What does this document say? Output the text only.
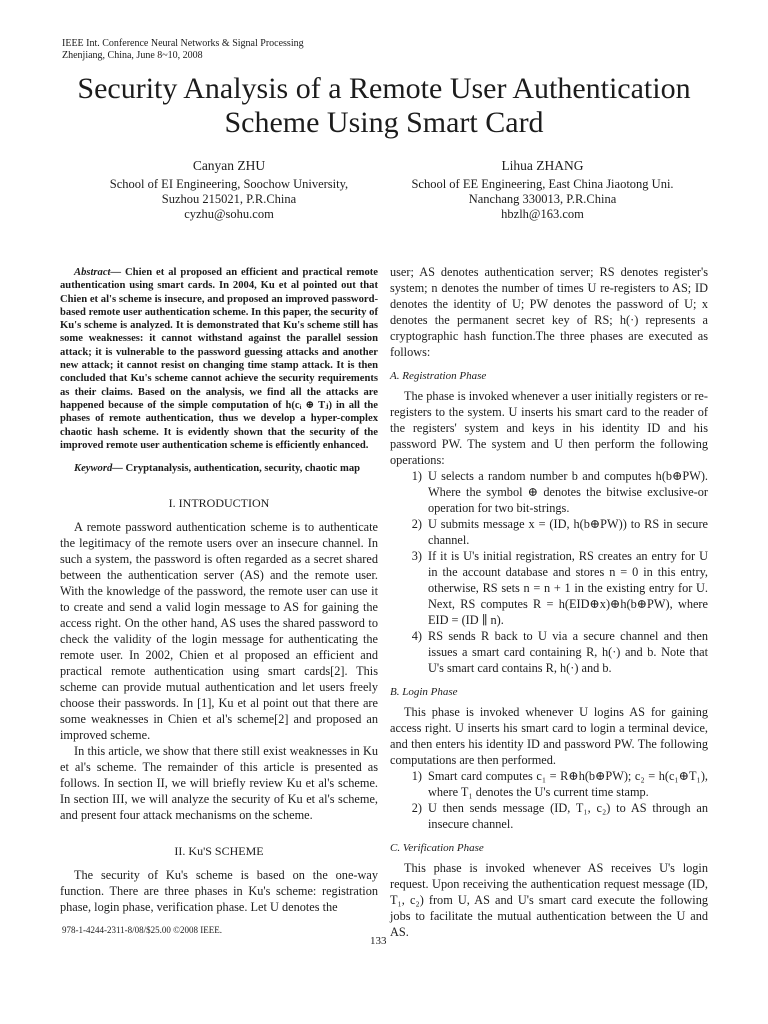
IEEE Int. Conference Neural Networks & Signal Processing
Zhenjiang, China, June 8~10, 2008
Security Analysis of a Remote User Authentication
Scheme Using Smart Card
Canyan ZHU
School of EI Engineering, Soochow University,
Suzhou 215021, P.R.China
cyzhu@sohu.com
Lihua ZHANG
School of EE Engineering, East China Jiaotong Uni.
Nanchang 330013, P.R.China
hbzlh@163.com
Abstract— Chien et al proposed an efficient and practical remote authentication using smart cards. In 2004, Ku et al pointed out that Chien et al's scheme is insecure, and proposed an improved password-based remote user authentication scheme. In this paper, the security of Ku's scheme is analyzed. It is demonstrated that Ku's scheme still has some weaknesses: it cannot withstand against the parallel session attack; it is vulnerable to the password guessing attacks and another new attack; it cannot resist on changing time stamp attack. It is then concluded that Ku's scheme cannot achieve the security requirements as their claims. Based on the analysis, we find all the attacks are happened because of the simple computation of h(cᵢ ⊕ Tⱼ) in all the phases of remote authentication, thus we develop a hyper-complex chaotic hash scheme. It is evidently shown that the security of the improved remote user authentication scheme is efficiently enhanced.
Keyword— Cryptanalysis, authentication, security, chaotic map
I. INTRODUCTION

A remote password authentication scheme is to authenticate the legitimacy of the remote users over an insecure channel. In such a system, the password is often regarded as a secret shared between the authentication server (AS) and the remote user. With the knowledge of the password, the remote user can use it to create and send a valid login message to AS for gaining the access right. On the other hand, AS uses the shared password to check the validity of the login message for authenticating the remote user. In 2002, Chien et al proposed an efficient and practical remote authentication using smart cards[2]. This scheme can provide mutual authentication and let users freely choose their passwords. In [1], Ku et al point out that there are some weaknesses in Chien et al's scheme[2] and proposed an improved scheme.

In this article, we show that there still exist weaknesses in Ku et al's scheme. The remainder of this article is presented as follows. In section II, we will briefly review Ku et al's scheme. In section III, we will analyze the security of Ku et al's scheme, and present four attack mechanisms on the scheme.

II. Ku'S SCHEME

The security of Ku's scheme is based on the one-way function. There are three phases in Ku's scheme: registration phase, login phase, verification phase. Let U denotes the

user; AS denotes authentication server; RS denotes register's system; n denotes the number of times U re-registers to AS; ID denotes the identity of U; PW denotes the password of U; x denotes the permanent secret key of RS; h(·) represents a cryptographic hash function.The three phases are executed as follows:

A. Registration Phase

The phase is invoked whenever a user initially registers or re-registers to the system. U inserts his smart card to the reader of the registers' system and keys in his identity ID and his password PW. The system and U then perform the following operations:

1) U selects a random number b and computes h(b⊕PW). Where the symbol ⊕ denotes the bitwise exclusive-or operation for two bit-strings.
2) U submits message x = (ID, h(b⊕PW)) to RS in secure channel.
3) If it is U's initial registration, RS creates an entry for U in the account database and stores n = 0 in this entry, otherwise, RS sets n = n + 1 in the existing entry for U. Next, RS computes R = h(EID⊕x)⊕h(b⊕PW), where EID = (ID ∥ n).
4) RS sends R back to U via a secure channel and then issues a smart card containing R, h(·) and b. Note that U's smart card contains R, h(·) and b.
B. Login Phase

This phase is invoked whenever U logins AS for gaining access right. U inserts his smart card to login a terminal device, and then enters his identity ID and password PW. The following computations are then performed.

1) Smart card computes c₁ = R⊕h(b⊕PW); c₂ = h(c₁⊕T₁), where T₁ denotes the U's current time stamp.
2) U then sends message (ID, T₁, c₂) to AS through an insecure channel.
C. Verification Phase

This phase is invoked whenever AS receives U's login request. Upon receiving the authentication request message (ID, T₁, c₂) from U, AS and U's smart card execute the following jobs to facilitate the mutual authentication between the U and AS.

978-1-4244-2311-8/08/$25.00 ©2008 IEEE.
133
